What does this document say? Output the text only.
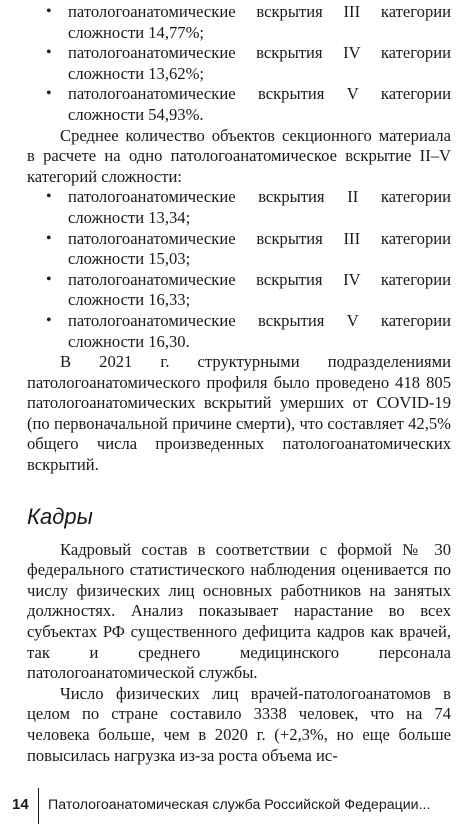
• патологоанатомические вскрытия III категории сложности 14,77%;
• патологоанатомические вскрытия IV категории сложности 13,62%;
• патологоанатомические вскрытия V категории сложности 54,93%.

Среднее количество объектов секционного материала в расчете на одно патологоанатомическое вскрытие II–V категорий сложности:

• патологоанатомические вскрытия II категории сложности 13,34;
• патологоанатомические вскрытия III категории сложности 15,03;
• патологоанатомические вскрытия IV категории сложности 16,33;
• патологоанатомические вскрытия V категории сложности 16,30.

В 2021 г. структурными подразделениями патологоанатомического профиля было проведено 418 805 патологоанатомических вскрытий умерших от COVID-19 (по первоначальной причине смерти), что составляет 42,5% общего числа произведенных патологоанатомических вскрытий.

Кадры

Кадровый состав в соответствии с формой № 30 федерального статистического наблюдения оценивается по числу физических лиц основных работников на занятых должностях. Анализ показывает нарастание во всех субъектах РФ существенного дефицита кадров как врачей, так и среднего медицинского персонала патологоанатомической службы.

Число физических лиц врачей-патологоанатомов в целом по стране составило 3338 человек, что на 74 человека больше, чем в 2020 г. (+2,3%, но еще больше повысилась нагрузка из-за роста объема ис-

14 Патологоанатомическая служба Российской Федерации...
